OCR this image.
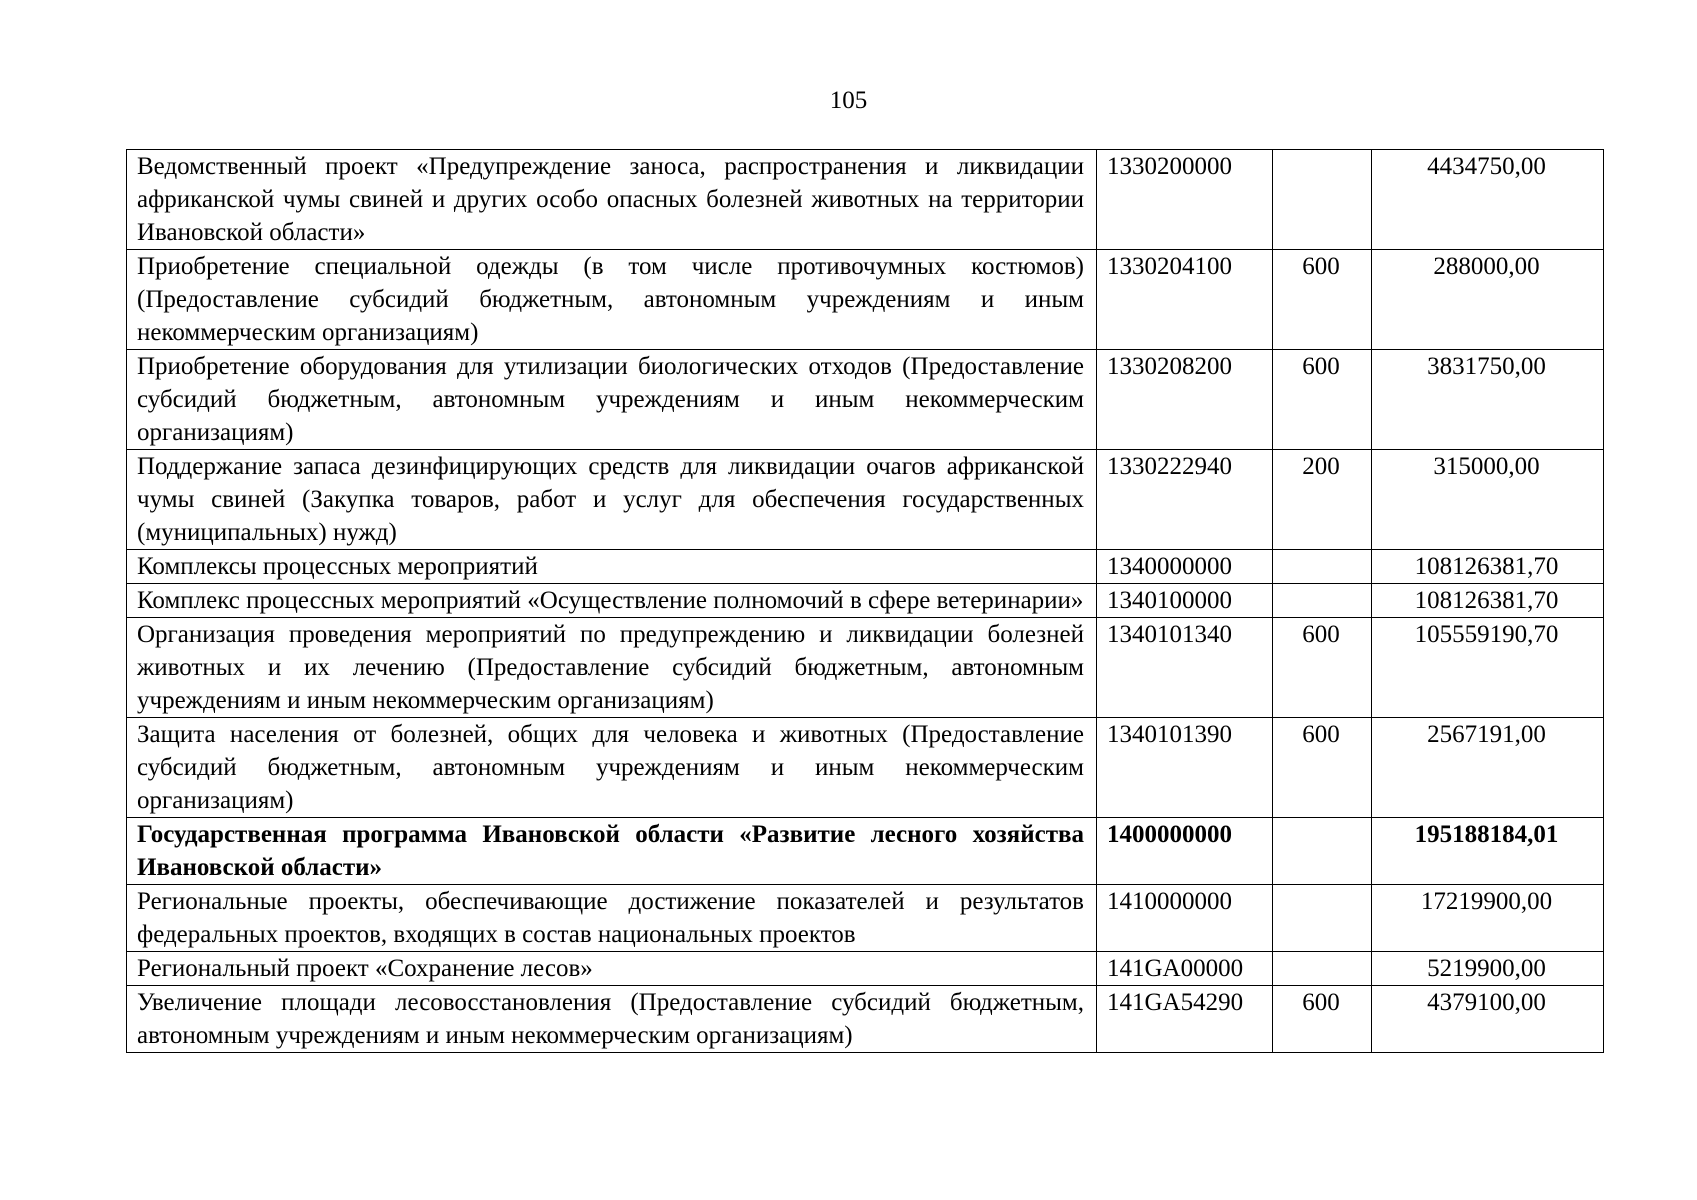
105
Ведомственный проект «Предупреждение заноса, распространения и ликвидации африканской чумы свиней и других особо опасных болезней животных на территории Ивановской области»	1330200000		4434750,00
Приобретение специальной одежды (в том числе противочумных костюмов) (Предоставление субсидий бюджетным, автономным учреждениям и иным некоммерческим организациям)	1330204100	600	288000,00
Приобретение оборудования для утилизации биологических отходов (Предоставление субсидий бюджетным, автономным учреждениям и иным некоммерческим организациям)	1330208200	600	3831750,00
Поддержание запаса дезинфицирующих средств для ликвидации очагов африканской чумы свиней (Закупка товаров, работ и услуг для обеспечения государственных (муниципальных) нужд)	1330222940	200	315000,00
Комплексы процессных мероприятий	1340000000		108126381,70
Комплекс процессных мероприятий «Осуществление полномочий в сфере ветеринарии»	1340100000		108126381,70
Организация проведения мероприятий по предупреждению и ликвидации болезней животных и их лечению (Предоставление субсидий бюджетным, автономным учреждениям и иным некоммерческим организациям)	1340101340	600	105559190,70
Защита населения от болезней, общих для человека и животных (Предоставление субсидий бюджетным, автономным учреждениям и иным некоммерческим организациям)	1340101390	600	2567191,00
Государственная программа Ивановской области «Развитие лесного хозяйства Ивановской области»	1400000000		195188184,01
Региональные проекты, обеспечивающие достижение показателей и результатов федеральных проектов, входящих в состав национальных проектов	1410000000		17219900,00
Региональный проект «Сохранение лесов»	141GA00000		5219900,00
Увеличение площади лесовосстановления (Предоставление субсидий бюджетным, автономным учреждениям и иным некоммерческим организациям)	141GA54290	600	4379100,00
